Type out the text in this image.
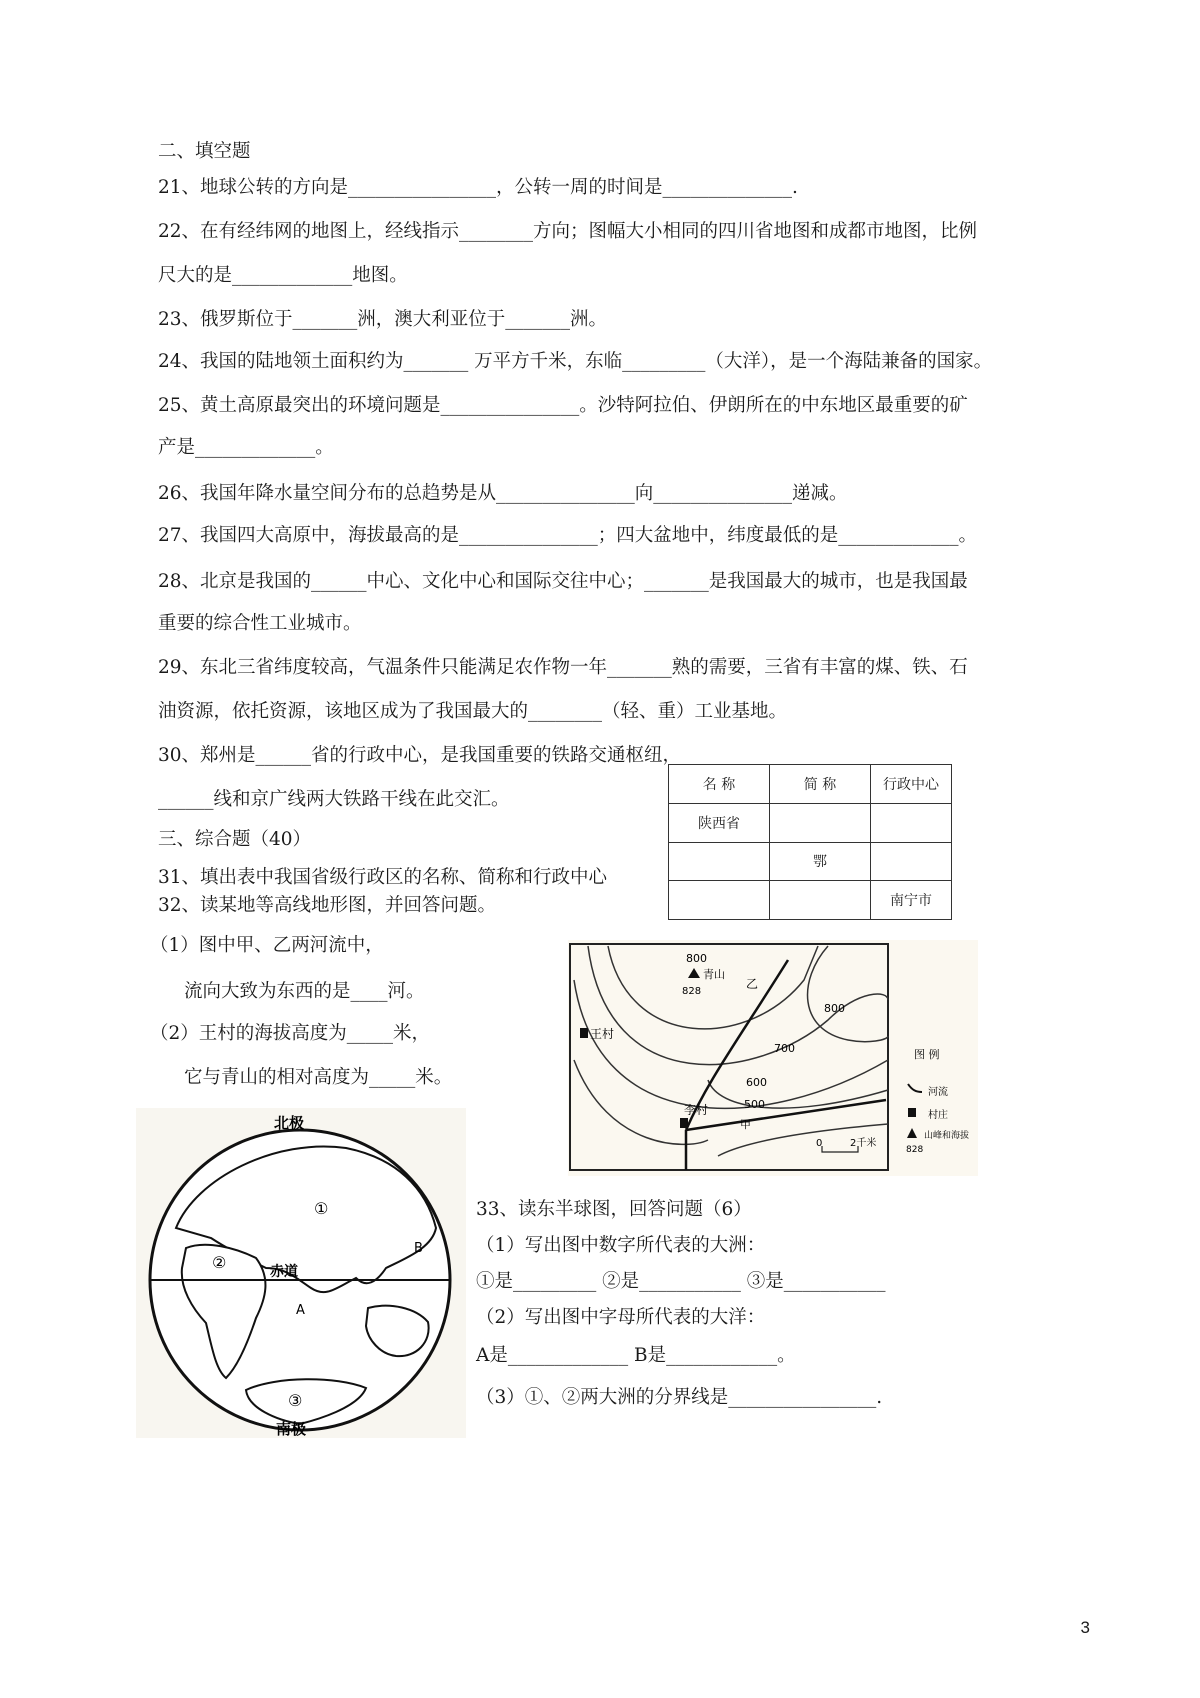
二、填空题
21、地球公转的方向是________________，公转一周的时间是______________.
22、在有经纬网的地图上，经线指示________方向；图幅大小相同的四川省地图和成都市地图，比例
尺大的是_____________地图。
23、俄罗斯位于_______洲，澳大利亚位于_______洲。
24、我国的陆地领土面积约为_______ 万平方千米，东临_________（大洋），是一个海陆兼备的国家。
25、黄土高原最突出的环境问题是_______________。沙特阿拉伯、伊朗所在的中东地区最重要的矿
产是_____________。
26、我国年降水量空间分布的总趋势是从_______________向_______________递减。
27、我国四大高原中，海拔最高的是_______________；四大盆地中，纬度最低的是_____________。
28、北京是我国的______中心、文化中心和国际交往中心；_______是我国最大的城市，也是我国最
重要的综合性工业城市。
29、东北三省纬度较高，气温条件只能满足农作物一年_______熟的需要，三省有丰富的煤、铁、石
油资源，依托资源，该地区成为了我国最大的________（轻、重）工业基地。
30、郑州是______省的行政中心，是我国重要的铁路交通枢纽，
______线和京广线两大铁路干线在此交汇。
三、综合题（40）
31、填出表中我国省级行政区的名称、简称和行政中心
32、读某地等高线地形图，并回答问题。
（1）图中甲、乙两河流中，
流向大致为东西的是____河。
（2）王村的海拔高度为_____米，
它与青山的相对高度为_____米。
名 称	简 称	行政中心
陕西省		
	鄂	
		南宁市
800
青山
828
800
700
600
500
乙
甲
王村
李村
0	2千米
图 例
河流
村庄
山峰和海拔
828
北极
南极
赤道
①
②
③
A
B
33、读东半球图，回答问题（6）
（1）写出图中数字所代表的大洲：
①是_________ ②是___________ ③是___________
（2）写出图中字母所代表的大洋：
A是_____________ B是____________。
（3）①、②两大洲的分界线是________________.
3
